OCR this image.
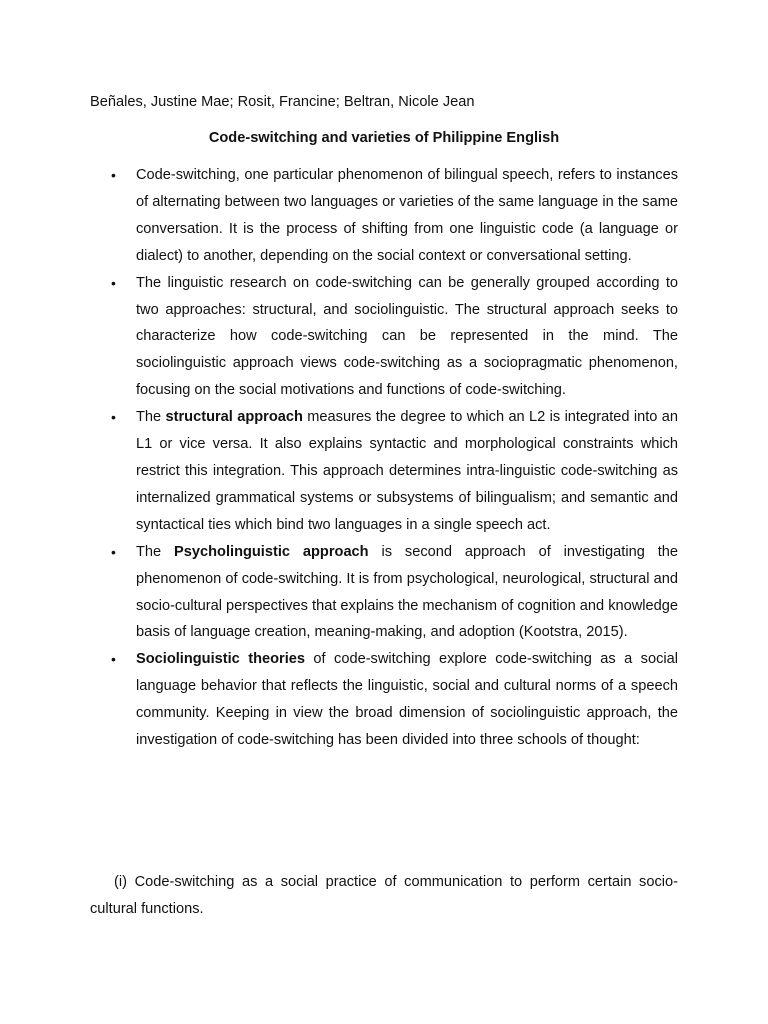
Beñales, Justine Mae; Rosit, Francine; Beltran, Nicole Jean
Code-switching and varieties of Philippine English
• Code-switching, one particular phenomenon of bilingual speech, refers to instances of alternating between two languages or varieties of the same language in the same conversation. It is the process of shifting from one linguistic code (a language or dialect) to another, depending on the social context or conversational setting.
• The linguistic research on code-switching can be generally grouped according to two approaches: structural, and sociolinguistic. The structural approach seeks to characterize how code-switching can be represented in the mind. The sociolinguistic approach views code-switching as a sociopragmatic phenomenon, focusing on the social motivations and functions of code-switching.
• The structural approach measures the degree to which an L2 is integrated into an L1 or vice versa. It also explains syntactic and morphological constraints which restrict this integration. This approach determines intra-linguistic code-switching as internalized grammatical systems or subsystems of bilingualism; and semantic and syntactical ties which bind two languages in a single speech act.
• The Psycholinguistic approach is second approach of investigating the phenomenon of code-switching. It is from psychological, neurological, structural and socio-cultural perspectives that explains the mechanism of cognition and knowledge basis of language creation, meaning-making, and adoption (Kootstra, 2015).
• Sociolinguistic theories of code-switching explore code-switching as a social language behavior that reflects the linguistic, social and cultural norms of a speech community. Keeping in view the broad dimension of sociolinguistic approach, the investigation of code-switching has been divided into three schools of thought:
(i) Code-switching as a social practice of communication to perform certain socio-cultural functions.
